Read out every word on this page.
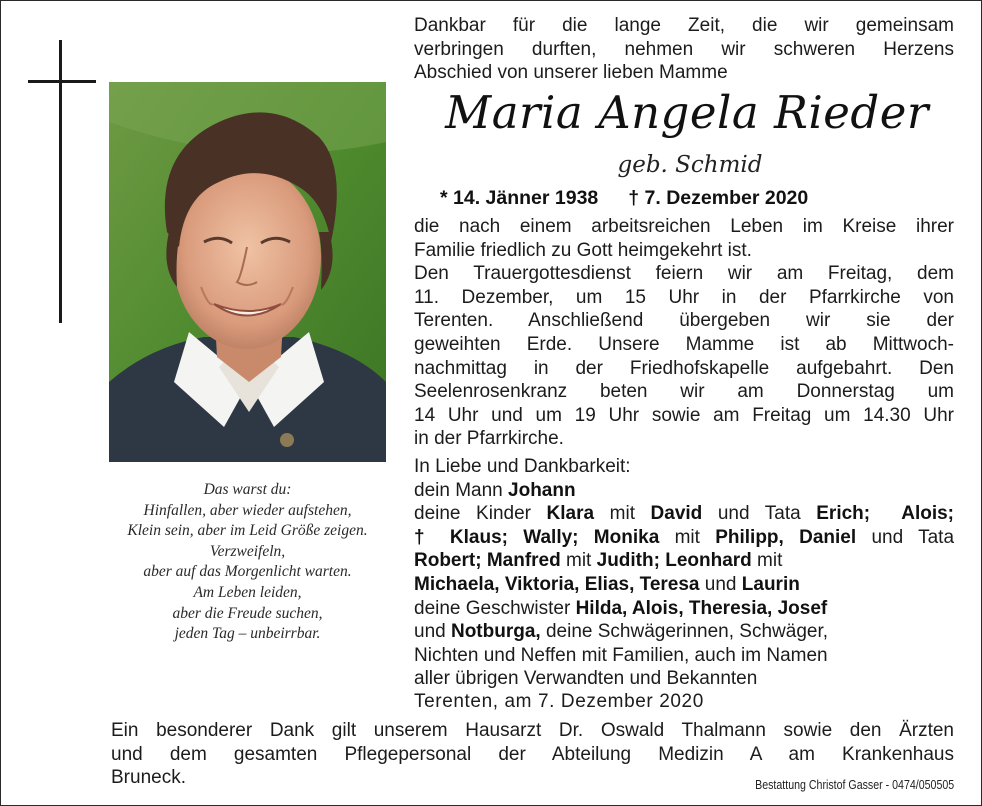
Das warst du:
Hinfallen, aber wieder aufstehen,
Klein sein, aber im Leid Größe zeigen.
Verzweifeln,
aber auf das Morgenlicht warten.
Am Leben leiden,
aber die Freude suchen,
jeden Tag – unbeirrbar.
Dankbar für die lange Zeit, die wir gemeinsam
verbringen durften, nehmen wir schweren Herzens
Abschied von unserer lieben Mamme
Maria Angela Rieder
geb. Schmid
* 14. Jänner 1938 † 7. Dezember 2020
die nach einem arbeitsreichen Leben im Kreise ihrer
Familie friedlich zu Gott heimgekehrt ist.
Den Trauergottesdienst feiern wir am Freitag, dem
11. Dezember, um 15 Uhr in der Pfarrkirche von
Terenten. Anschließend übergeben wir sie der
geweihten Erde. Unsere Mamme ist ab Mittwoch-
nachmittag in der Friedhofskapelle aufgebahrt. Den
Seelenrosenkranz beten wir am Donnerstag um
14 Uhr und um 19 Uhr sowie am Freitag um 14.30 Uhr
in der Pfarrkirche.
In Liebe und Dankbarkeit:
dein Mann Johann
deine Kinder Klara mit David und Tata Erich; Alois;
† Klaus; Wally; Monika mit Philipp, Daniel und Tata
Robert; Manfred mit Judith; Leonhard mit
Michaela, Viktoria, Elias, Teresa und Laurin
deine Geschwister Hilda, Alois, Theresia, Josef
und Notburga, deine Schwägerinnen, Schwäger,
Nichten und Neffen mit Familien, auch im Namen
aller übrigen Verwandten und Bekannten
Terenten, am 7. Dezember 2020
Ein besonderer Dank gilt unserem Hausarzt Dr. Oswald Thalmann sowie den Ärzten
und dem gesamten Pflegepersonal der Abteilung Medizin A am Krankenhaus
Bruneck.	Bestattung Christof Gasser - 0474/050505
